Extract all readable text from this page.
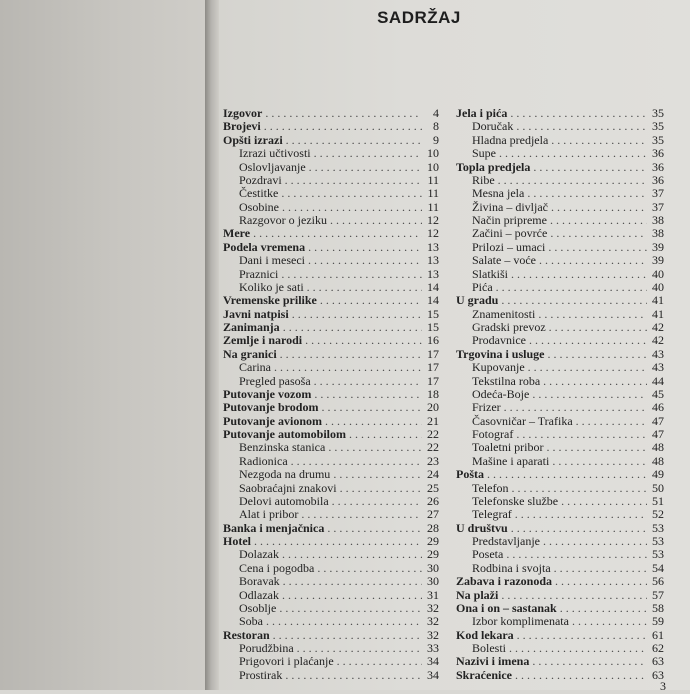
SADRŽAJ
Izgovor . . .	4
Brojevi . . .	8
Opšti izrazi . . .	9
Izrazi učtivosti . . .	10
Oslovljavanje . . .	10
Pozdravi . . .	11
Čestitke . . .	11
Osobine . . .	11
Razgovor o jeziku . . .	12
Mere . . .	12
Podela vremena . . .	13
Dani i meseci . . .	13
Praznici . . .	13
Koliko je sati . . .	14
Vremenske prilike . . .	14
Javni natpisi . . .	15
Zanimanja . . .	15
Zemlje i narodi . . .	16
Na granici . . .	17
Carina . . .	17
Pregled pasoša . . .	17
Putovanje vozom . . .	18
Putovanje brodom . . .	20
Putovanje avionom . . .	21
Putovanje automobilom . . .	22
Benzinska stanica . . .	22
Radionica . . .	23
Nezgoda na drumu . . .	24
Saobraćajni znakovi . . .	25
Delovi automobila . . .	26
Alat i pribor . . .	27
Banka i menjačnica . . .	28
Hotel . . .	29
Dolazak . . .	29
Cena i pogodba . . .	30
Boravak . . .	30
Odlazak . . .	31
Osoblje . . .	32
Soba . . .	32
Restoran . . .	32
Porudžbina . . .	33
Prigovori i plaćanje . . .	34
Prostirak . . .	34
Jela i pića . . .	35
Doručak . . .	35
Hladna predjela . . .	35
Supe . . .	36
Topla predjela . . .	36
Ribe . . .	36
Mesna jela . . .	37
Živina – divljač . . .	37
Način pripreme . . .	38
Začini – povrće . . .	38
Prilozi – umaci . . .	39
Salate – voće . . .	39
Slatkiši . . .	40
Pića . . .	40
U gradu . . .	41
Znamenitosti . . .	41
Gradski prevoz . . .	42
Prodavnice . . .	42
Trgovina i usluge . . .	43
Kupovanje . . .	43
Tekstilna roba . . .	44
Odeća-Boje . . .	45
Frizer . . .	46
Časovničar – Trafika . . .	47
Fotograf . . .	47
Toaletni pribor . . .	48
Mašine i aparati . . .	48
Pošta . . .	49
Telefon . . .	50
Telefonske službe . . .	51
Telegraf . . .	52
U društvu . . .	53
Predstavljanje . . .	53
Poseta . . .	53
Rodbina i svojta . . .	54
Zabava i razonoda . . .	56
Na plaži . . .	57
Ona i on – sastanak . . .	58
Izbor komplimenata . . .	59
Kod lekara . . .	61
Bolesti . . .	62
Nazivi i imena . . .	63
Skraćenice . . .	63
3
